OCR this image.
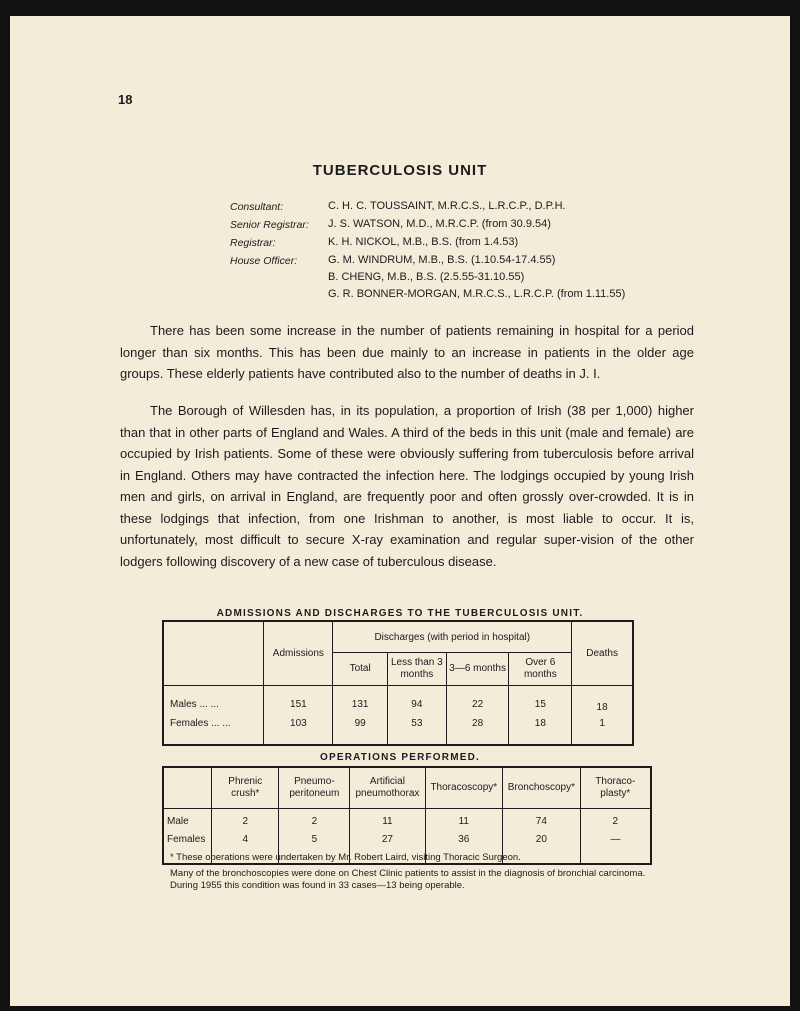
18
TUBERCULOSIS UNIT
Consultant:	C. H. C. TOUSSAINT, M.R.C.S., L.R.C.P., D.P.H.
Senior Registrar:	J. S. WATSON, M.D., M.R.C.P. (from 30.9.54)
Registrar:	K. H. NICKOL, M.B., B.S. (from 1.4.53)
House Officer:	G. M. WINDRUM, M.B., B.S. (1.10.54-17.4.55)
B. CHENG, M.B., B.S. (2.5.55-31.10.55)
G. R. BONNER-MORGAN, M.R.C.S., L.R.C.P. (from 1.11.55)

There has been some increase in the number of patients remaining in hospital for a period longer than six months. This has been due mainly to an increase in patients in the older age groups. These elderly patients have contributed also to the number of deaths in J. I.

The Borough of Willesden has, in its population, a proportion of Irish (38 per 1,000) higher than that in other parts of England and Wales. A third of the beds in this unit (male and female) are occupied by Irish patients. Some of these were obviously suffering from tuberculosis before arrival in England. Others may have contracted the infection here. The lodgings occupied by young Irish men and girls, on arrival in England, are frequently poor and often grossly over-crowded. It is in these lodgings that infection, from one Irishman to another, is most liable to occur. It is, unfortunately, most difficult to secure X-ray examination and regular super-vision of the other lodgers following discovery of a new case of tuberculous disease.

ADMISSIONS AND DISCHARGES TO THE TUBERCULOSIS UNIT.
	Admissions	Discharges (with period in hospital)				Deaths
		Total	Less than 3 months	3—6 months	Over 6 months	
Males ... ...	151	131	94	22	15	18
Females ... ...	103	99	53	28	18	1
OPERATIONS PERFORMED.
	Phrenic crush*	Pneumo-peritoneum	Artificial pneumothorax	Thoracoscopy*	Bronchoscopy*	Thoraco-plasty*
Male	2	2	11	11	74	2
Females	4	5	27	36	20	—
* These operations were undertaken by Mr. Robert Laird, visiting Thoracic Surgeon.
Many of the bronchoscopies were done on Chest Clinic patients to assist in the diagnosis of bronchial carcinoma. During 1955 this condition was found in 33 cases—13 being operable.
